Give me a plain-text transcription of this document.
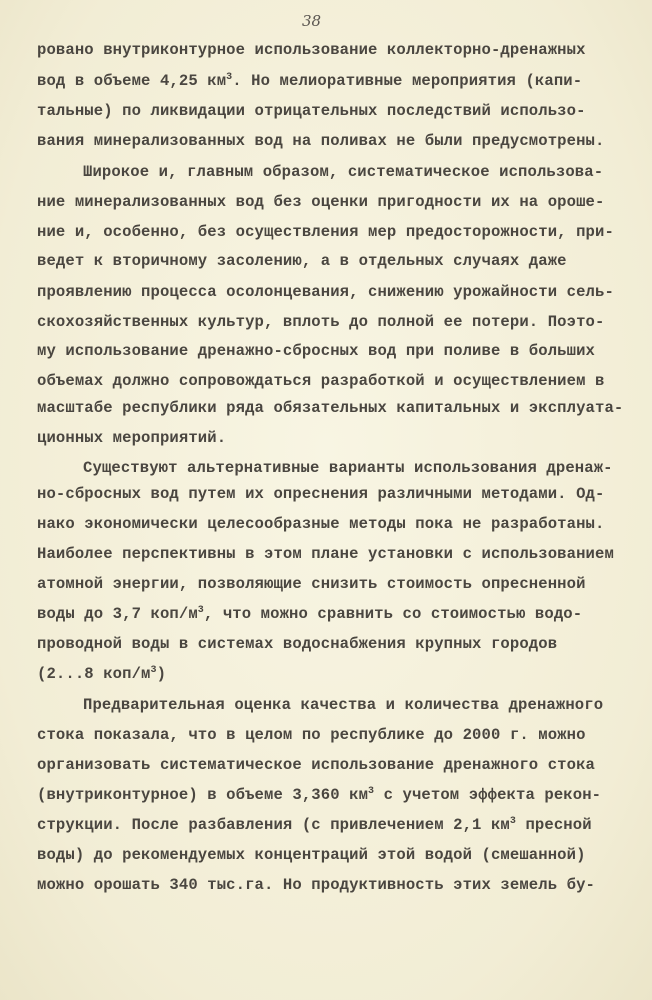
38
ровано внутриконтурное использование коллекторно-дренажных
вод в объеме 4,25 $км^3$. Но мелиоративные мероприятия (капи-
тальные) по ликвидации отрицательных последствий использо-
вания минерализованных вод на поливах не были предусмотрены.
Широкое и, главным образом, систематическое использова-
ние минерализованных вод без оценки пригодности их на ороше-
ние и, особенно, без осуществления мер предосторожности, при-
ведет к вторичному засолению, а в отдельных случаях даже
проявлению процесса осолонцевания, снижению урожайности сель-
скохозяйственных культур, вплоть до полной ее потери. Поэто-
му использование дренажно-сбросных вод при поливе в больших
объемах должно сопровождаться разработкой и осуществлением в
масштабе республики ряда обязательных капитальных и эксплуата-
ционных мероприятий.
Существуют альтернативные варианты использования дренаж-
но-сбросных вод путем их опреснения различными методами. Од-
нако экономически целесообразные методы пока не разработаны.
Наиболее перспективны в этом плане установки с использованием
атомной энергии, позволяющие снизить стоимость опресненной
воды до 3,7 коп/$м^3$, что можно сравнить со стоимостью водо-
проводной воды в системах водоснабжения крупных городов
(2...8 коп/$м^3$)
Предварительная оценка качества и количества дренажного
стока показала, что в целом по республике до 2000 г. можно
организовать систематическое использование дренажного стока
(внутриконтурное) в объеме 3,360 $км^3$ с учетом эффекта рекон-
струкции. После разбавления (с привлечением 2,1 $км^3$ пресной
воды) до рекомендуемых концентраций этой водой (смешанной)
можно орошать 340 тыс.га. Но продуктивность этих земель бу-
